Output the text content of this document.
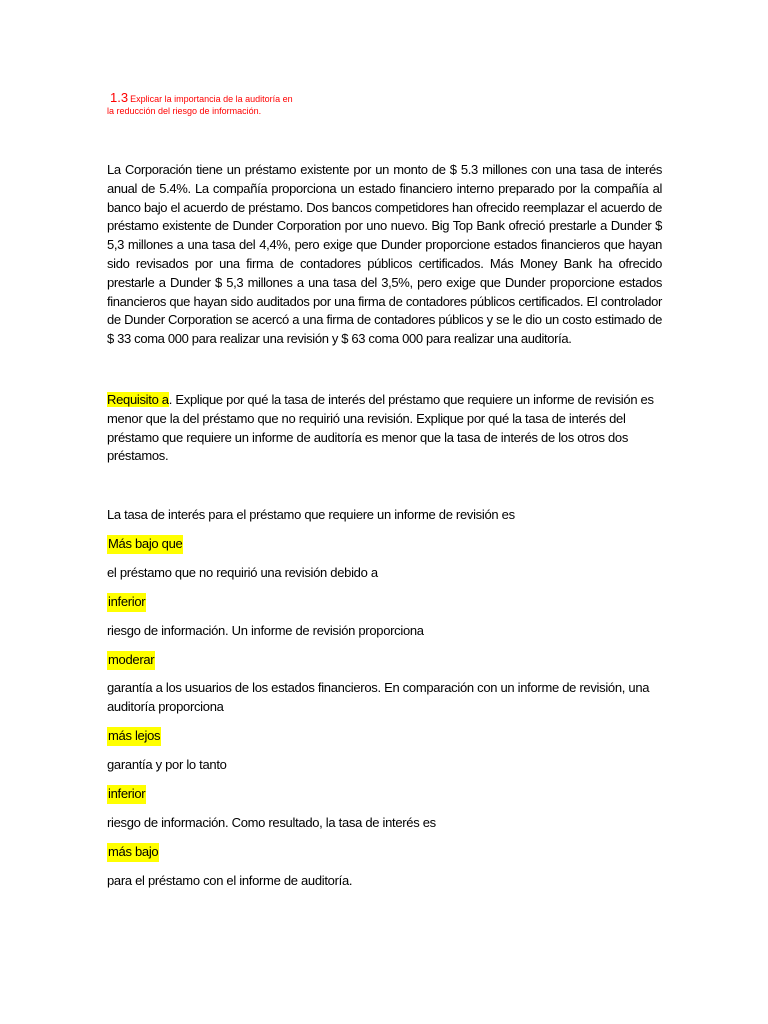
1.3 Explicar la importancia de la auditoría en la reducción del riesgo de información.
La Corporación tiene un préstamo existente por un monto de $ 5.3 millones con una tasa de interés anual de 5.4%. La compañía proporciona un estado financiero interno preparado por la compañía al banco bajo el acuerdo de préstamo. Dos bancos competidores han ofrecido reemplazar el acuerdo de préstamo existente de Dunder Corporation por uno nuevo. Big Top Bank ofreció prestarle a Dunder $ 5,3 millones a una tasa del 4,4%, pero exige que Dunder proporcione estados financieros que hayan sido revisados por una firma de contadores públicos certificados. Más Money Bank ha ofrecido prestarle a Dunder $ 5,3 millones a una tasa del 3,5%, pero exige que Dunder proporcione estados financieros que hayan sido auditados por una firma de contadores públicos certificados. El controlador de Dunder Corporation se acercó a una firma de contadores públicos y se le dio un costo estimado de $ 33 coma 000 para realizar una revisión y $ 63 coma 000 para realizar una auditoría.
Requisito a. Explique por qué la tasa de interés del préstamo que requiere un informe de revisión es menor que la del préstamo que no requirió una revisión. Explique por qué la tasa de interés del préstamo que requiere un informe de auditoría es menor que la tasa de interés de los otros dos préstamos.
La tasa de interés para el préstamo que requiere un informe de revisión es
Más bajo que
el préstamo que no requirió una revisión debido a
inferior
riesgo de información. Un informe de revisión proporciona
moderar
garantía a los usuarios de los estados financieros. En comparación con un informe de revisión, una auditoría proporciona
más lejos
garantía y por lo tanto
inferior
riesgo de información. Como resultado, la tasa de interés es
más bajo
para el préstamo con el informe de auditoría.
